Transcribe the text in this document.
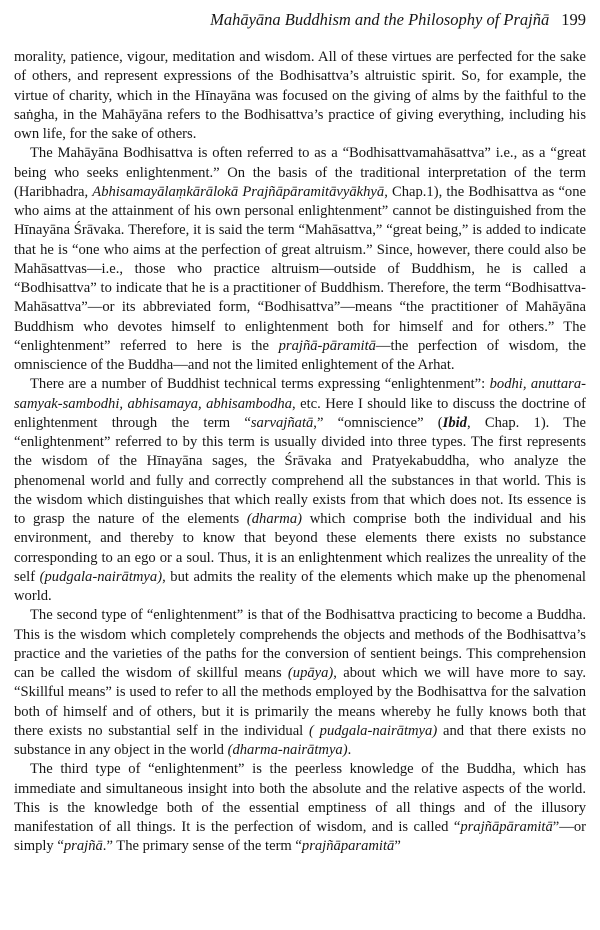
Mahāyāna Buddhism and the Philosophy of Prajñā 199

morality, patience, vigour, meditation and wisdom. All of these virtues are perfected for the sake of others, and represent expressions of the Bodhisattva’s altruistic spirit. So, for example, the virtue of charity, which in the Hīnayāna was focused on the giving of alms by the faithful to the saṅgha, in the Mahāyāna refers to the Bodhisattva’s practice of giving everything, including his own life, for the sake of others.

The Mahāyāna Bodhisattva is often referred to as a “Bodhisattvamahāsattva” i.e., as a “great being who seeks enlightenment.” On the basis of the traditional interpretation of the term (Haribhadra, Abhisamayālaṃkārālokā Prajñāpāramitāvyākhyā, Chap.1), the Bodhisattva as “one who aims at the attainment of his own personal enlightenment” cannot be distinguished from the Hīnayāna Śrāvaka. Therefore, it is said the term “Mahāsattva,” “great being,” is added to indicate that he is “one who aims at the perfection of great altruism.” Since, however, there could also be Mahāsattvas—i.e., those who practice altruism—outside of Buddhism, he is called a “Bodhisattva” to indicate that he is a practitioner of Buddhism. Therefore, the term “Bodhisattva-Mahāsattva”—or its abbreviated form, “Bodhisattva”—means “the practitioner of Mahāyāna Buddhism who devotes himself to enlightenment both for himself and for others.” The “enlightenment” referred to here is the prajñā-pāramitā—the perfection of wisdom, the omniscience of the Buddha—and not the limited enlightement of the Arhat.

There are a number of Buddhist technical terms expressing “enlightenment”: bodhi, anuttara-samyak-sambodhi, abhisamaya, abhisambodha, etc. Here I should like to discuss the doctrine of enlightenment through the term “sarvajñatā,” “omniscience” (Ibid, Chap. 1). The “enlightenment” referred to by this term is usually divided into three types. The first represents the wisdom of the Hīnayāna sages, the Śrāvaka and Pratyekabuddha, who analyze the phenomenal world and fully and correctly comprehend all the substances in that world. This is the wisdom which distinguishes that which really exists from that which does not. Its essence is to grasp the nature of the elements (dharma) which comprise both the individual and his environment, and thereby to know that beyond these elements there exists no substance corresponding to an ego or a soul. Thus, it is an enlightenment which realizes the unreality of the self (pudgala-nairātmya), but admits the reality of the elements which make up the phenomenal world.

The second type of “enlightenment” is that of the Bodhisattva practicing to become a Buddha. This is the wisdom which completely comprehends the objects and methods of the Bodhisattva’s practice and the varieties of the paths for the conversion of sentient beings. This comprehension can be called the wisdom of skillful means (upāya), about which we will have more to say. “Skillful means” is used to refer to all the methods employed by the Bodhisattva for the salvation both of himself and of others, but it is primarily the means whereby he fully knows both that there exists no substantial self in the individual ( pudgala-nairātmya) and that there exists no substance in any object in the world (dharma-nairātmya).

The third type of “enlightenment” is the peerless knowledge of the Buddha, which has immediate and simultaneous insight into both the absolute and the relative aspects of the world. This is the knowledge both of the essential emptiness of all things and of the illusory manifestation of all things. It is the perfection of wisdom, and is called “prajñāpāramitā”—or simply “prajñā.” The primary sense of the term “prajñāparamitā”
